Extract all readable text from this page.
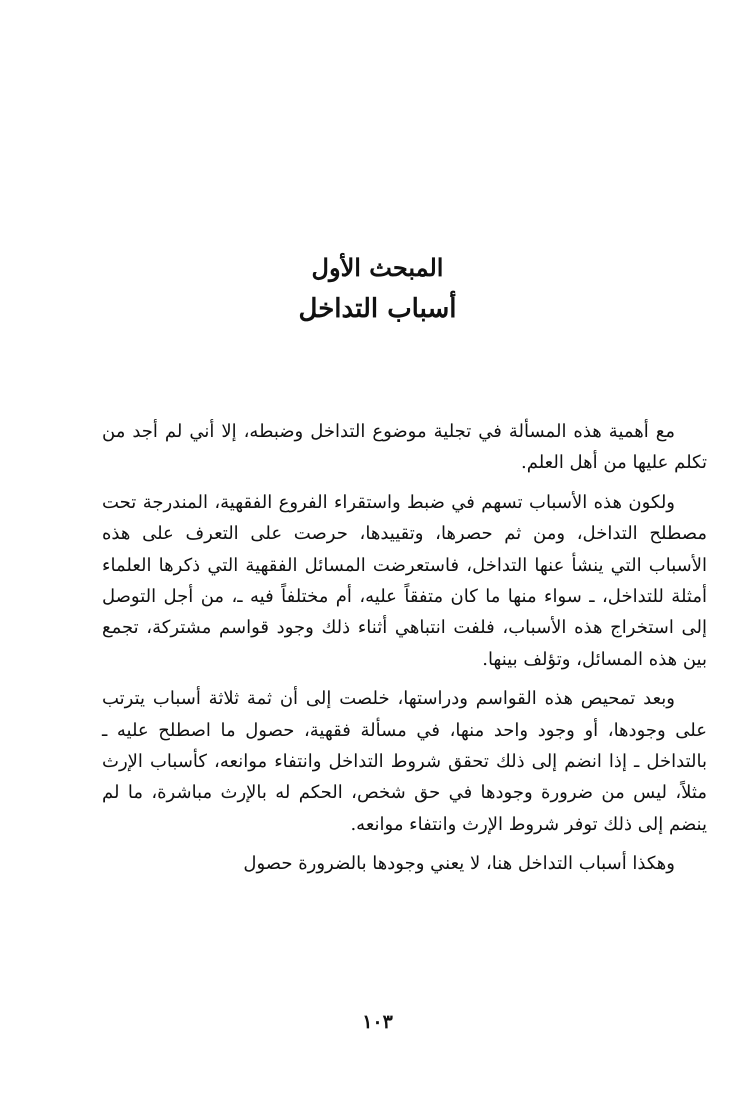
المبحث الأول
أسباب التداخل

مع أهمية هذه المسألة في تجلية موضوع التداخل وضبطه، إلا أني لم أجد من تكلم عليها من أهل العلم.

ولكون هذه الأسباب تسهم في ضبط واستقراء الفروع الفقهية، المندرجة تحت مصطلح التداخل، ومن ثم حصرها، وتقييدها، حرصت على التعرف على هذه الأسباب التي ينشأ عنها التداخل، فاستعرضت المسائل الفقهية التي ذكرها العلماء أمثلة للتداخل، ـ سواء منها ما كان متفقاً عليه، أم مختلفاً فيه ـ، من أجل التوصل إلى استخراج هذه الأسباب، فلفت انتباهي أثناء ذلك وجود قواسم مشتركة، تجمع بين هذه المسائل، وتؤلف بينها.

وبعد تمحيص هذه القواسم ودراستها، خلصت إلى أن ثمة ثلاثة أسباب يترتب على وجودها، أو وجود واحد منها، في مسألة فقهية، حصول ما اصطلح عليه ـ بالتداخل ـ إذا انضم إلى ذلك تحقق شروط التداخل وانتفاء موانعه، كأسباب الإرث مثلاً، ليس من ضرورة وجودها في حق شخص، الحكم له بالإرث مباشرة، ما لم ينضم إلى ذلك توفر شروط الإرث وانتفاء موانعه.

وهكذا أسباب التداخل هنا، لا يعني وجودها بالضرورة حصول

١٠٣
